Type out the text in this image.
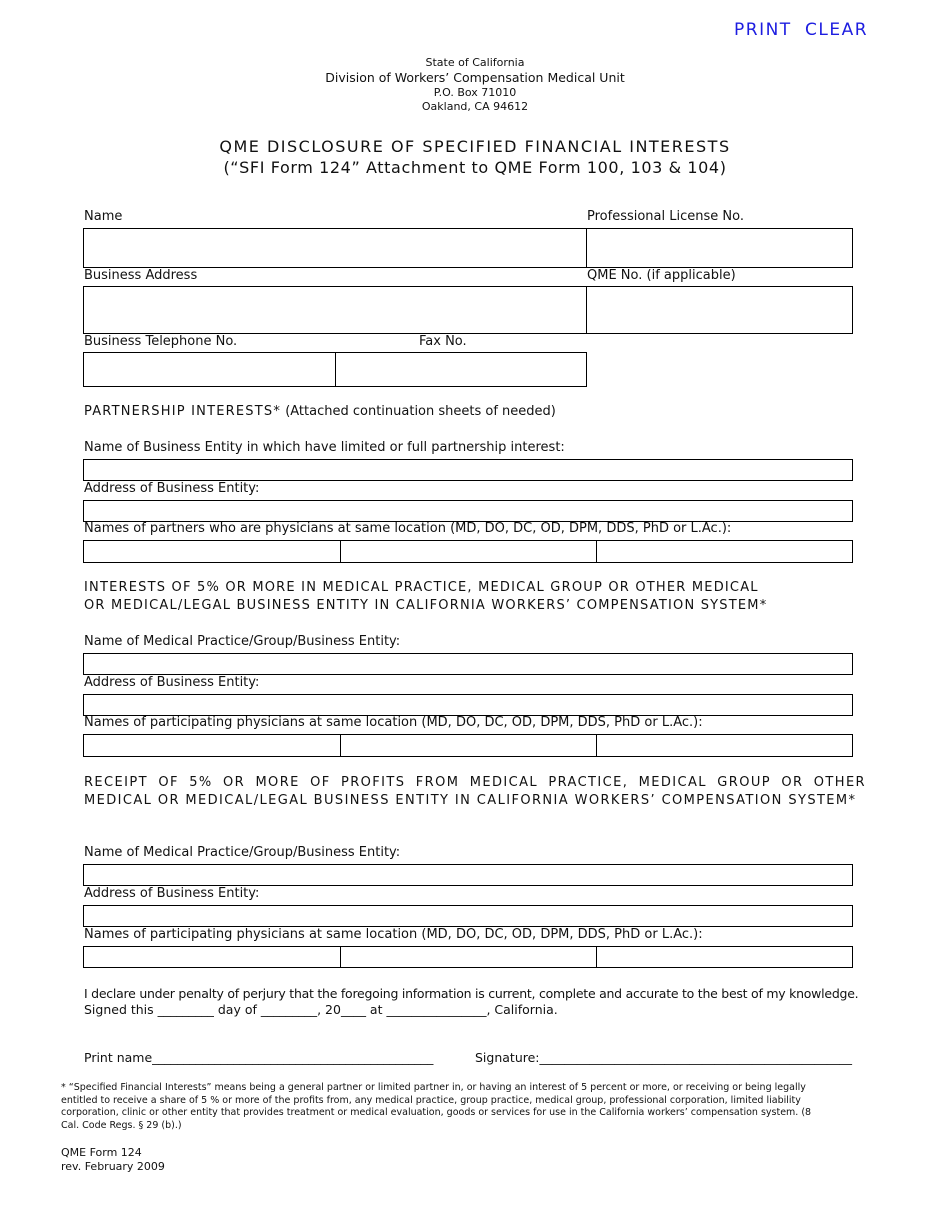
PRINT CLEAR
State of California
Division of Workers’ Compensation Medical Unit
P.O. Box 71010
Oakland, CA 94612
QME DISCLOSURE OF SPECIFIED FINANCIAL INTERESTS
(“SFI Form 124” Attachment to QME Form 100, 103 & 104)
Name	Professional License No.
Business Address	QME No. (if applicable)
Business Telephone No.	Fax No.
PARTNERSHIP INTERESTS* (Attached continuation sheets of needed)
Name of Business Entity in which have limited or full partnership interest:
Address of Business Entity:
Names of partners who are physicians at same location (MD, DO, DC, OD, DPM, DDS, PhD or L.Ac.):
INTERESTS OF 5% OR MORE IN MEDICAL PRACTICE, MEDICAL GROUP OR OTHER MEDICAL
OR MEDICAL/LEGAL BUSINESS ENTITY IN CALIFORNIA WORKERS’ COMPENSATION SYSTEM*
Name of Medical Practice/Group/Business Entity:
Address of Business Entity:
Names of participating physicians at same location (MD, DO, DC, OD, DPM, DDS, PhD or L.Ac.):
RECEIPT OF 5% OR MORE OF PROFITS FROM MEDICAL PRACTICE, MEDICAL GROUP OR OTHER MEDICAL OR MEDICAL/LEGAL BUSINESS ENTITY IN CALIFORNIA WORKERS’ COMPENSATION SYSTEM*
Name of Medical Practice/Group/Business Entity:
Address of Business Entity:
Names of participating physicians at same location (MD, DO, DC, OD, DPM, DDS, PhD or L.Ac.):
I declare under penalty of perjury that the foregoing information is current, complete and accurate to the best of my knowledge.
Signed this _________ day of _________, 20____ at ________________, California.
Print name_____________________________________________	Signature:__________________________________________________
* “Specified Financial Interests” means being a general partner or limited partner in, or having an interest of 5 percent or more, or receiving or being legally entitled to receive a share of 5 % or more of the profits from, any medical practice, group practice, medical group, professional corporation, limited liability corporation, clinic or other entity that provides treatment or medical evaluation, goods or services for use in the California workers’ compensation system. (8 Cal. Code Regs. § 29 (b).)
QME Form 124
rev. February 2009
